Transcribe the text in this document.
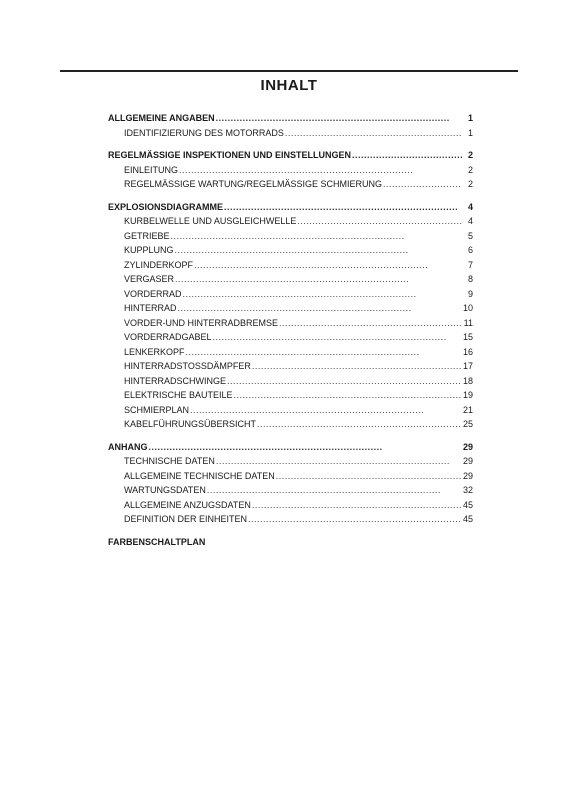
INHALT
ALLGEMEINE ANGABEN . . .	1
IDENTIFIZIERUNG DES MOTORRADS . . .	1
REGELMÄSSIGE INSPEKTIONEN UND EINSTELLUNGEN . . .	2
EINLEITUNG . . .	2
REGELMÄSSIGE WARTUNG/REGELMÄSSIGE SCHMIERUNG . . .	2
EXPLOSIONSDIAGRAMME . . .	4
KURBELWELLE UND AUSGLEICHWELLE . . .	4
GETRIEBE . . .	5
KUPPLUNG . . .	6
ZYLINDERKOPF . . .	7
VERGASER . . .	8
VORDERRAD . . .	9
HINTERRAD . . .	10
VORDER-UND HINTERRADBREMSE . . .	11
VORDERRADGABEL . . .	15
LENKERKOPF . . .	16
HINTERRADSTOSSDÄMPFER . . .	17
HINTERRADSCHWINGE . . .	18
ELEKTRISCHE BAUTEILE . . .	19
SCHMIERPLAN . . .	21
KABELFÜHRUNGSÜBERSICHT . . .	25
ANHANG . . .	29
TECHNISCHE DATEN . . .	29
ALLGEMEINE TECHNISCHE DATEN . . .	29
WARTUNGSDATEN . . .	32
ALLGEMEINE ANZUGSDATEN . . .	45
DEFINITION DER EINHEITEN . . .	45
FARBENSCHALTPLAN
